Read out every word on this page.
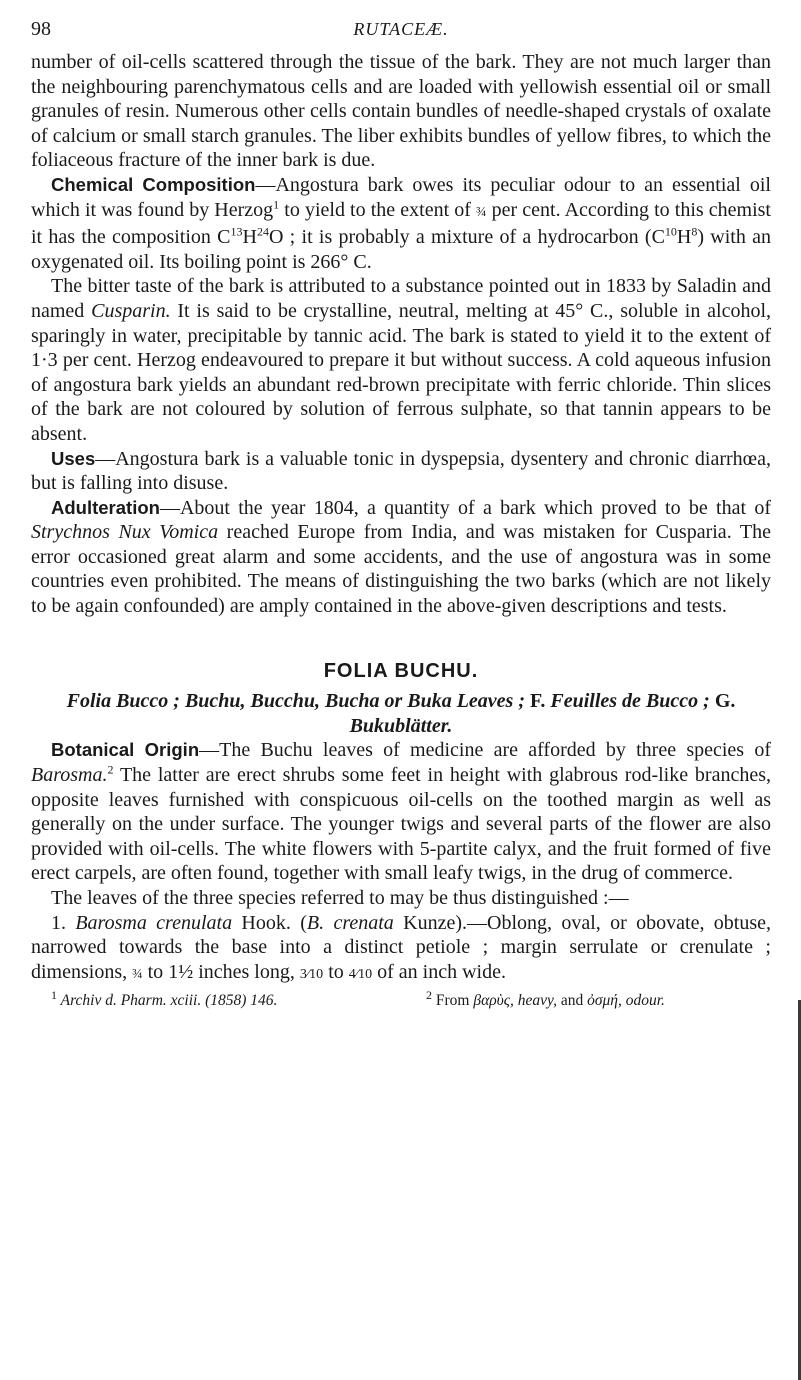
98	RUTACEÆ.

number of oil-cells scattered through the tissue of the bark. They are not much larger than the neighbouring parenchymatous cells and are loaded with yellowish essential oil or small granules of resin. Numerous other cells contain bundles of needle-shaped crystals of oxalate of calcium or small starch granules. The liber exhibits bundles of yellow fibres, to which the foliaceous fracture of the inner bark is due.

 Chemical Composition—Angostura bark owes its peculiar odour to an essential oil which it was found by Herzog$^1$ to yield to the extent of ¾ per cent. According to this chemist it has the composition $C^{13}H^{24}O$ ; it is probably a mixture of a hydrocarbon $(C^{10}H^8)$ with an oxygenated oil. Its boiling point is 266° C.

 The bitter taste of the bark is attributed to a substance pointed out in 1833 by Saladin and named Cusparin. It is said to be crystalline, neutral, melting at 45° C., soluble in alcohol, sparingly in water, precipitable by tannic acid. The bark is stated to yield it to the extent of 1·3 per cent. Herzog endeavoured to prepare it but without success. A cold aqueous infusion of angostura bark yields an abundant red-brown precipitate with ferric chloride. Thin slices of the bark are not coloured by solution of ferrous sulphate, so that tannin appears to be absent.

 Uses—Angostura bark is a valuable tonic in dyspepsia, dysentery and chronic diarrhœa, but is falling into disuse.

 Adulteration—About the year 1804, a quantity of a bark which proved to be that of Strychnos Nux Vomica reached Europe from India, and was mistaken for Cusparia. The error occasioned great alarm and some accidents, and the use of angostura was in some countries even prohibited. The means of distinguishing the two barks (which are not likely to be again confounded) are amply contained in the above-given descriptions and tests.

FOLIA BUCHU.

Folia Bucco ; Buchu, Bucchu, Bucha or Buka Leaves ; F. Feuilles de Bucco ; G. Bukublätter.

 Botanical Origin—The Buchu leaves of medicine are afforded by three species of Barosma.$^2$ The latter are erect shrubs some feet in height with glabrous rod-like branches, opposite leaves furnished with conspicuous oil-cells on the toothed margin as well as generally on the under surface. The younger twigs and several parts of the flower are also provided with oil-cells. The white flowers with 5-partite calyx, and the fruit formed of five erect carpels, are often found, together with small leafy twigs, in the drug of commerce.

 The leaves of the three species referred to may be thus distinguished :—

 1. Barosma crenulata Hook. (B. crenata Kunze).—Oblong, oval, or obovate, obtuse, narrowed towards the base into a distinct petiole ; margin serrulate or crenulate ; dimensions, ¾ to 1½ inches long, 3⁄10 to 4⁄10 of an inch wide.

$^1$ Archiv d. Pharm. xciii. (1858) 146.	$^2$ From βαρὺς, heavy, and ὀσμή, odour.
